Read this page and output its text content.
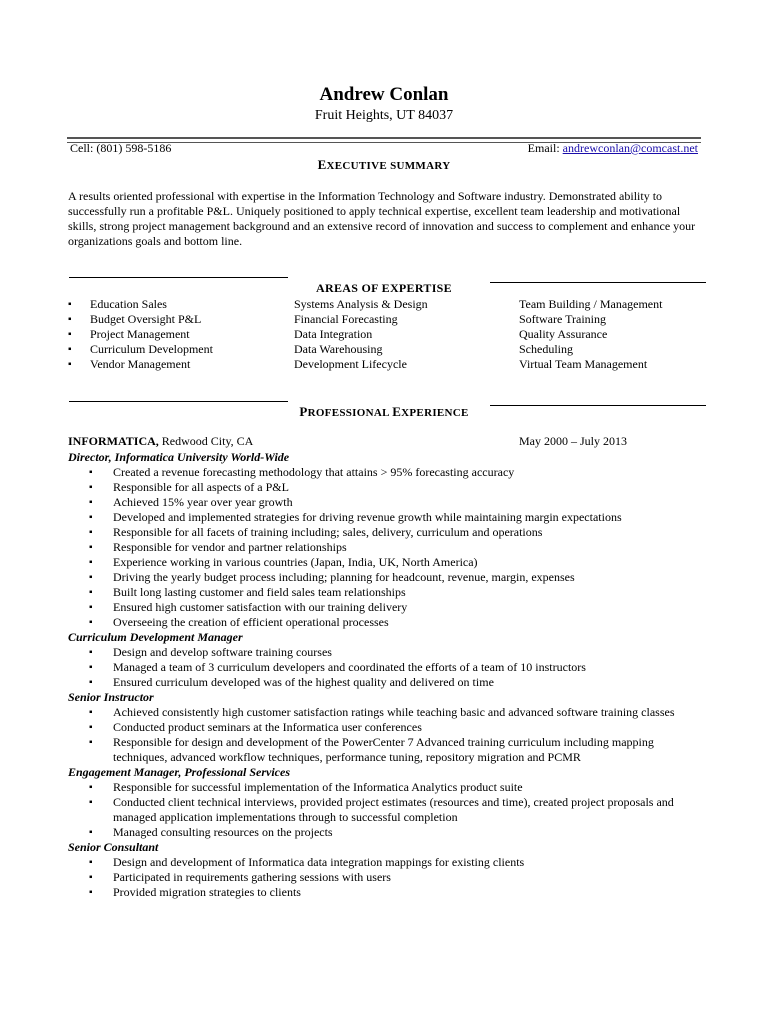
Andrew Conlan
Fruit Heights, UT 84037
Cell: (801) 598-5186	Email: andrewconlan@comcast.net
EXECUTIVE SUMMARY
A results oriented professional with expertise in the Information Technology and Software industry. Demonstrated ability to successfully run a profitable P&L. Uniquely positioned to apply technical expertise, excellent team leadership and motivational skills, strong project management background and an extensive record of innovation and success to complement and enhance your organizations goals and bottom line.
AREAS OF EXPERTISE
▪ Education Sales
▪ Budget Oversight P&L
▪ Project Management
▪ Curriculum Development
▪ Vendor Management
Systems Analysis & Design
Financial Forecasting
Data Integration
Data Warehousing
Development Lifecycle
Team Building / Management
Software Training
Quality Assurance
Scheduling
Virtual Team Management
PROFESSIONAL EXPERIENCE
INFORMATICA, Redwood City, CA	May 2000 – July 2013
Director, Informatica University World-Wide
▪ Created a revenue forecasting methodology that attains > 95% forecasting accuracy
▪ Responsible for all aspects of a P&L
▪ Achieved 15% year over year growth
▪ Developed and implemented strategies for driving revenue growth while maintaining margin expectations
▪ Responsible for all facets of training including; sales, delivery, curriculum and operations
▪ Responsible for vendor and partner relationships
▪ Experience working in various countries (Japan, India, UK, North America)
▪ Driving the yearly budget process including; planning for headcount, revenue, margin, expenses
▪ Built long lasting customer and field sales team relationships
▪ Ensured high customer satisfaction with our training delivery
▪ Overseeing the creation of efficient operational processes
Curriculum Development Manager
▪ Design and develop software training courses
▪ Managed a team of 3 curriculum developers and coordinated the efforts of a team of 10 instructors
▪ Ensured curriculum developed was of the highest quality and delivered on time
Senior Instructor
▪ Achieved consistently high customer satisfaction ratings while teaching basic and advanced software training classes
▪ Conducted product seminars at the Informatica user conferences
▪ Responsible for design and development of the PowerCenter 7 Advanced training curriculum including mapping techniques, advanced workflow techniques, performance tuning, repository migration and PCMR
Engagement Manager, Professional Services
▪ Responsible for successful implementation of the Informatica Analytics product suite
▪ Conducted client technical interviews, provided project estimates (resources and time), created project proposals and managed application implementations through to successful completion
▪ Managed consulting resources on the projects
Senior Consultant
▪ Design and development of Informatica data integration mappings for existing clients
▪ Participated in requirements gathering sessions with users
▪ Provided migration strategies to clients
